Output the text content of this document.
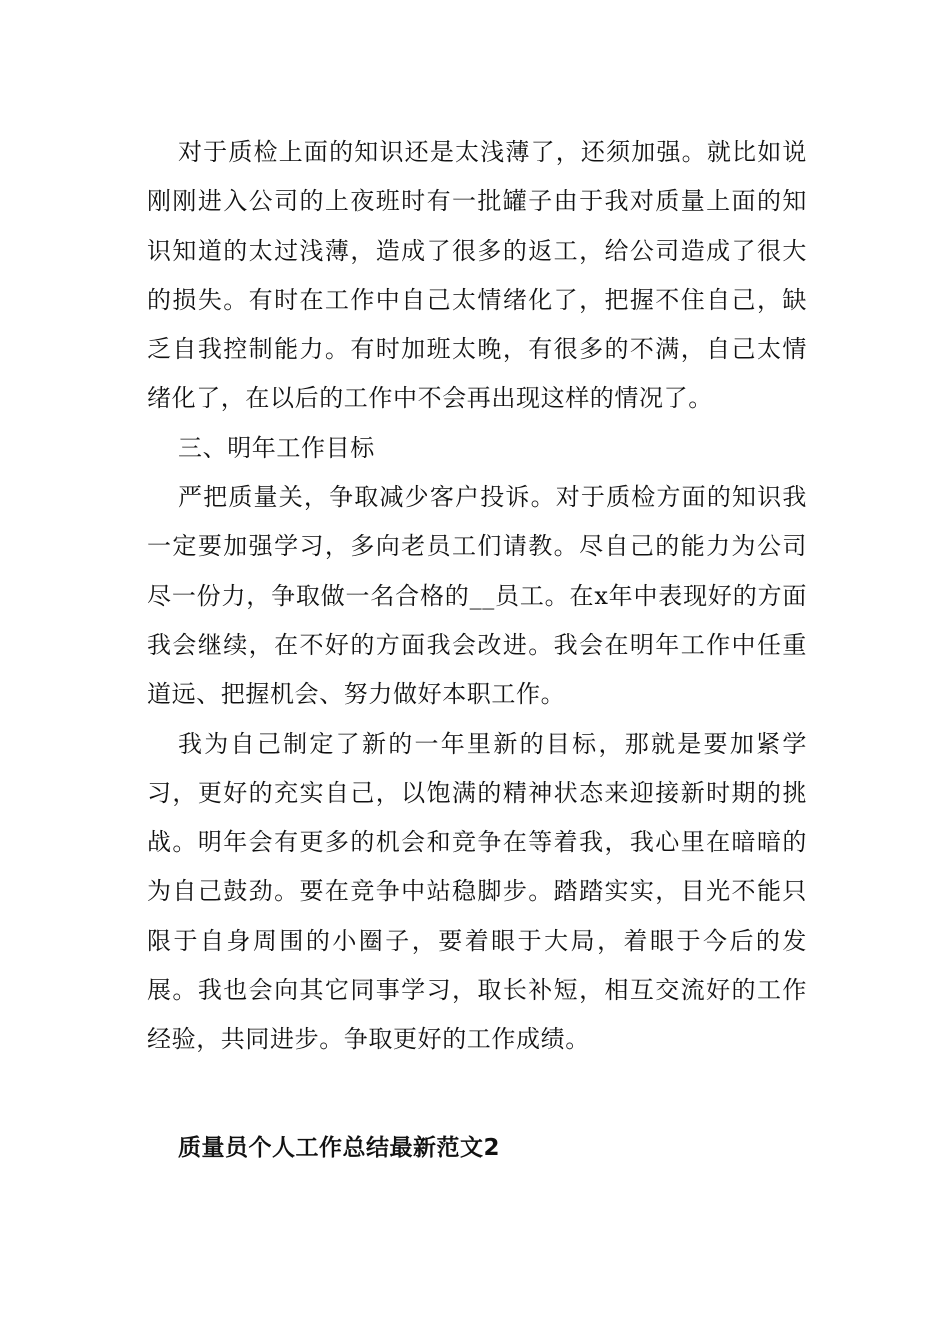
对于质检上面的知识还是太浅薄了，还须加强。就比如说刚刚进入公司的上夜班时有一批罐子由于我对质量上面的知识知道的太过浅薄，造成了很多的返工，给公司造成了很大的损失。有时在工作中自己太情绪化了，把握不住自己，缺乏自我控制能力。有时加班太晚，有很多的不满，自己太情绪化了，在以后的工作中不会再出现这样的情况了。

三、明年工作目标

严把质量关，争取减少客户投诉。对于质检方面的知识我一定要加强学习，多向老员工们请教。尽自己的能力为公司尽一份力，争取做一名合格的__员工。在x年中表现好的方面我会继续，在不好的方面我会改进。我会在明年工作中任重道远、把握机会、努力做好本职工作。

我为自己制定了新的一年里新的目标，那就是要加紧学习，更好的充实自己，以饱满的精神状态来迎接新时期的挑战。明年会有更多的机会和竞争在等着我，我心里在暗暗的为自己鼓劲。要在竞争中站稳脚步。踏踏实实，目光不能只限于自身周围的小圈子，要着眼于大局，着眼于今后的发展。我也会向其它同事学习，取长补短，相互交流好的工作经验，共同进步。争取更好的工作成绩。

质量员个人工作总结最新范文2
